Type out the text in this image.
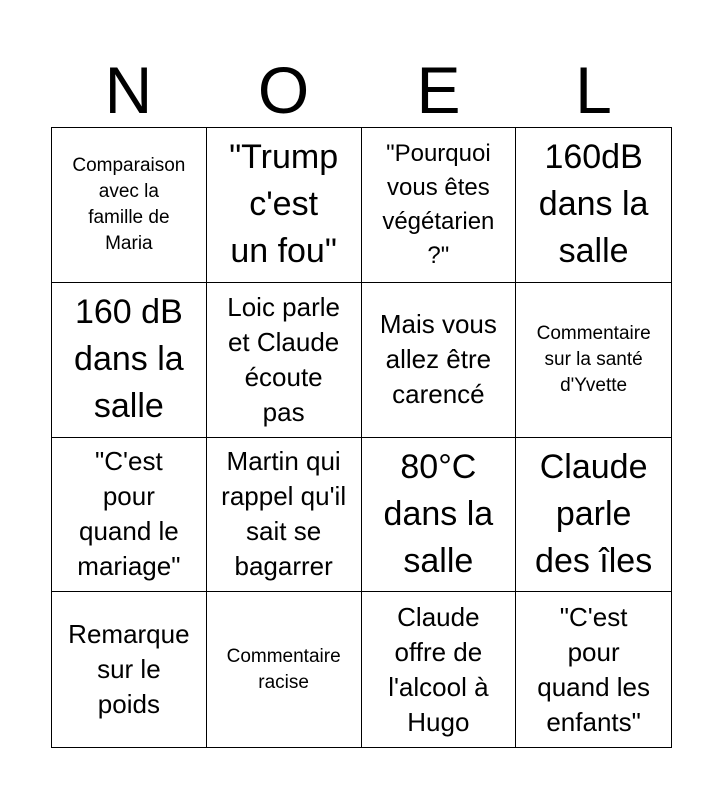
N	O	E	L
Comparaison
avec la
famille de
Maria
"Trump
c'est
un fou"
"Pourquoi
vous êtes
végétarien
?"
160dB
dans la
salle
160 dB
dans la
salle
Loic parle
et Claude
écoute
pas
Mais vous
allez être
carencé
Commentaire
sur la santé
d'Yvette
"C'est
pour
quand le
mariage"
Martin qui
rappel qu'il
sait se
bagarrer
80°C
dans la
salle
Claude
parle
des îles
Remarque
sur le
poids
Commentaire
racise
Claude
offre de
l'alcool à
Hugo
"C'est
pour
quand les
enfants"
